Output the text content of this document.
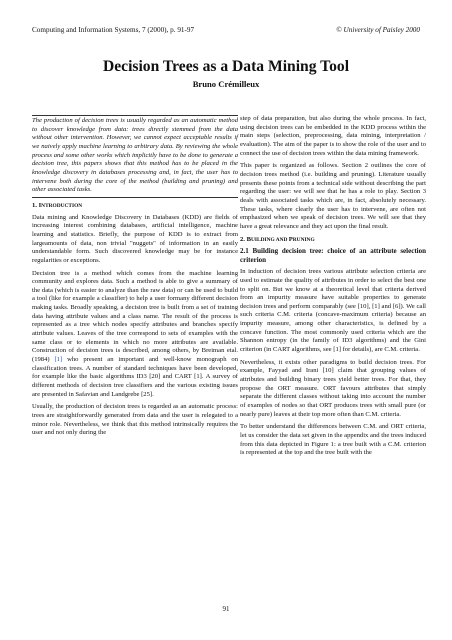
Computing and Information Systems, 7 (2000), p. 91-97	© University of Paisley 2000
Decision Trees as a Data Mining Tool
Bruno Crémilleux
The production of decision trees is usually regarded as an automatic method to discover knowledge from data: trees directly stemmed from the data without other intervention. However, we cannot expect acceptable results if we naively apply machine learning to arbitrary data. By reviewing the whole process and some other works which implicitly have to be done to generate a decision tree, this papers shows that this method has to be placed in the knowledge discovery in databases processing and, in fact, the user has to intervene both during the core of the method (building and pruning) and other associated tasks.
1. INTRODUCTION

Data mining and Knowledge Discovery in Databases (KDD) are fields of increasing interest combining databases, artificial intelligence, machine learning and statistics. Briefly, the purpose of KDD is to extract from largeamounts of data, non trivial "nuggets" of information in an easily understandable form. Such discovered knowledge may be for instance regularities or exceptions.

Decision tree is a method which comes from the machine learning community and explores data. Such a method is able to give a summary of the data (which is easier to analyze than the raw data) or can be used to build a tool (like for example a classifier) to help a user formany different decision making tasks. Broadly speaking, a decision tree is built from a set of training data having attribute values and a class name. The result of the process is represented as a tree which nodes specify attributes and branches specify attribute values. Leaves of the tree correspond to sets of examples with the same class or to elements in which no more attributes are available. Construction of decision trees is described, among others, by Breiman etal. (1984) [1] who present an important and well-know monograph on classification trees. A number of standard techniques have been developed, for example like the basic algorithms ID3 [20] and CART [1]. A survey of different methods of decision tree classifiers and the various existing issues are presented in Safavian and Landgrebe [25].

Usually, the production of decision trees is regarded as an automatic process: trees are straightforwardly generated from data and the user is relegated to a minor role. Nevertheless, we think that this method intrinsically requires the user and not only during the

step of data preparation, but also during the whole process. In fact, using decision trees can be embedded in the KDD process within the main steps (selection, preprocessing, data mining, interpretation / evaluation). The aim of the paper is to show the role of the user and to connect the use of decision trees within the data mining framework.

This paper is organized as follows. Section 2 outlines the core of decision trees method (i.e. building and pruning). Literature usually presents these points from a technical side without describing the part regarding the user: we will see that he has a role to play. Section 3 deals with associated tasks which are, in fact, absolutely necessary. These tasks, where clearly the user has to intervene, are often not emphasized when we speak of decision trees. We will see that they have a great relevance and they act upon the final result.

2. BUILDING AND PRUNING
2.1 Building decision tree: choice of an attribute selection criterion

In induction of decision trees various attribute selection criteria are used to estimate the quality of attributes in order to select the best one to split on. But we know at a theoretical level that criteria derived from an impurity measure have suitable properties to generate decision trees and perform comparably (see [10], [1] and [6]). We call such criteria C.M. criteria (concave-maximum criteria) because an impurity measure, among other characteristics, is defined by a concave function. The most commonly used criteria which are the Shannon entropy (in the family of ID3 algorithms) and the Gini criterion (in CART algorithms, see [1] for details), are C.M. criteria.

Nevertheless, it exists other paradigms to build decision trees. For example, Fayyad and Irani [10] claim that grouping values of attributes and building binary trees yield better trees. For that, they propose the ORT measure. ORT favours attributes that simply separate the different classes without taking into account the number of examples of nodes so that ORT produces trees with small pure (or nearly pure) leaves at their top more often than C.M. criteria.

To better understand the differences between C.M. and ORT criteria, let us consider the data set given in the appendix and the trees induced from this data depicted in Figure 1: a tree built with a C.M. criterion is represented at the top and the tree built with the

91
